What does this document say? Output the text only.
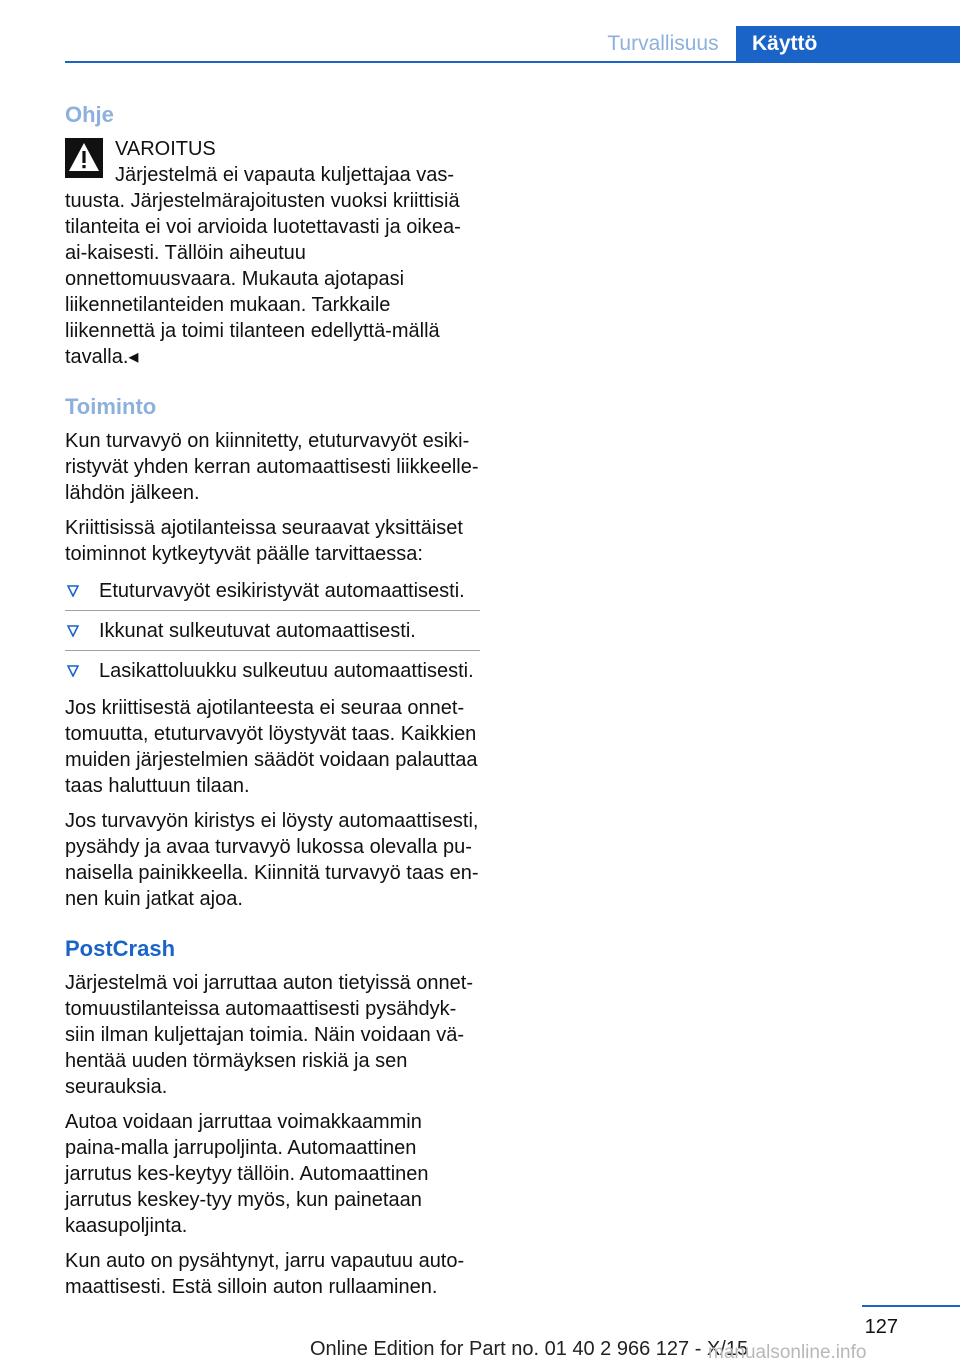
Turvallisuus	Käyttö
Ohje
VAROITUS
Järjestelmä ei vapauta kuljettajaa vas-
tuusta. Järjestelmärajoitusten vuoksi kriittisiä tilanteita ei voi arvioida luotettavasti ja oikea-ai-kaisesti. Tällöin aiheutuu onnettomuusvaara. Mukauta ajotapasi liikennetilanteiden mukaan. Tarkkaile liikennettä ja toimi tilanteen edellyttä-mällä tavalla.◂
Toiminto

Kun turvavyö on kiinnitetty, etuturvavyöt esiki-ristyvät yhden kerran automaattisesti liikkeelle-lähdön jälkeen.

Kriittisissä ajotilanteissa seuraavat yksittäiset toiminnot kytkeytyvät päälle tarvittaessa:

Etuturvavyöt esikiristyvät automaattisesti.
Ikkunat sulkeutuvat automaattisesti.
Lasikattoluukku sulkeutuu automaattisesti.

Jos kriittisestä ajotilanteesta ei seuraa onnet-tomuutta, etuturvavyöt löystyvät taas. Kaikkien muiden järjestelmien säädöt voidaan palauttaa taas haluttuun tilaan.

Jos turvavyön kiristys ei löysty automaattisesti, pysähdy ja avaa turvavyö lukossa olevalla pu-naisella painikkeella. Kiinnitä turvavyö taas en-nen kuin jatkat ajoa.

PostCrash

Järjestelmä voi jarruttaa auton tietyissä onnet-tomuustilanteissa automaattisesti pysähdyk-siin ilman kuljettajan toimia. Näin voidaan vä-hentää uuden törmäyksen riskiä ja sen seurauksia.

Autoa voidaan jarruttaa voimakkaammin paina-malla jarrupoljinta. Automaattinen jarrutus kes-keytyy tällöin. Automaattinen jarrutus keskey-tyy myös, kun painetaan kaasupoljinta.

Kun auto on pysähtynyt, jarru vapautuu auto-maattisesti. Estä silloin auton rullaaminen.

127
Online Edition for Part no. 01 40 2 966 127 - X/15
manualsonline.info
